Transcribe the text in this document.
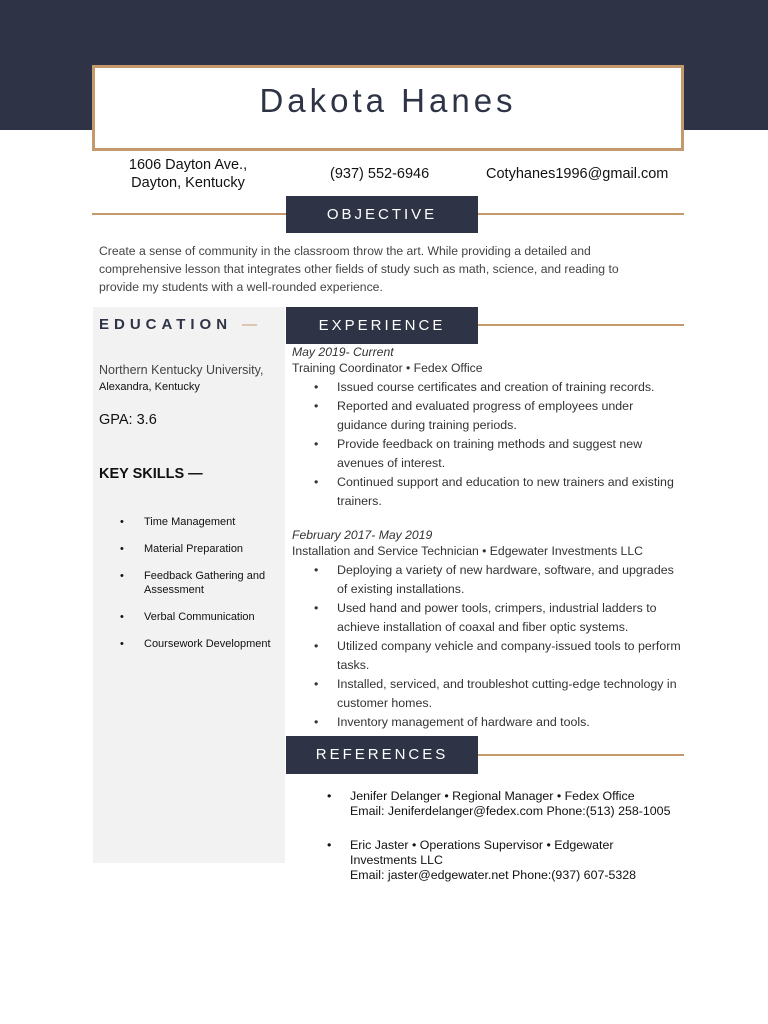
Dakota Hanes
1606 Dayton Ave.,
Dayton, Kentucky
(937) 552-6946	Cotyhanes1996@gmail.com
OBJECTIVE
Create a sense of community in the classroom throw the art. While providing a detailed and comprehensive lesson that integrates other fields of study such as math, science, and reading to provide my students with a well-rounded experience.
EDUCATION —
Northern Kentucky University,
Alexandra, Kentucky
GPA: 3.6
KEY SKILLS —
• Time Management
• Material Preparation
• Feedback Gathering and Assessment
• Verbal Communication
• Coursework Development
EXPERIENCE
May 2019- Current
Training Coordinator • Fedex Office
• Issued course certificates and creation of training records.
• Reported and evaluated progress of employees under guidance during training periods.
• Provide feedback on training methods and suggest new avenues of interest.
• Continued support and education to new trainers and existing trainers.
February 2017- May 2019
Installation and Service Technician • Edgewater Investments LLC
• Deploying a variety of new hardware, software, and upgrades of existing installations.
• Used hand and power tools, crimpers, industrial ladders to achieve installation of coaxal and fiber optic systems.
• Utilized company vehicle and company-issued tools to perform tasks.
• Installed, serviced, and troubleshot cutting-edge technology in customer homes.
• Inventory management of hardware and tools.
REFERENCES
• Jenifer Delanger • Regional Manager • Fedex Office
Email: Jeniferdelanger@fedex.com Phone:(513) 258-1005
• Eric Jaster • Operations Supervisor • Edgewater Investments LLC
Email: jaster@edgewater.net Phone:(937) 607-5328
